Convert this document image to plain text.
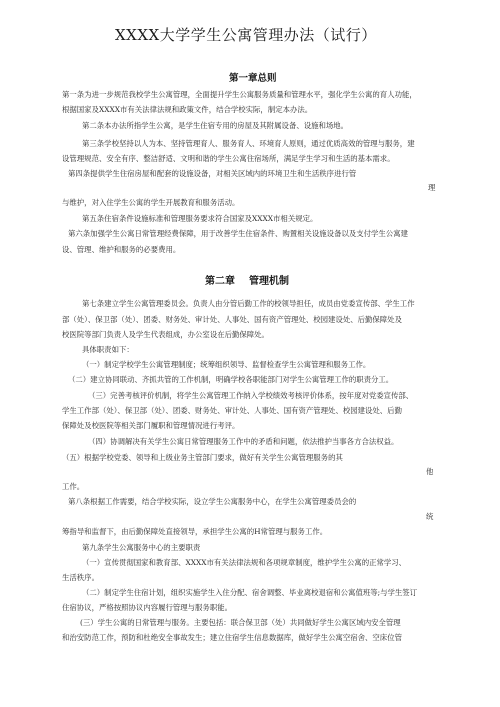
XXXX大学学生公寓管理办法（试行）
第一章总则
第一条为进一步规范我校学生公寓管理，全面提升学生公寓服务质量和管理水平，强化学生公寓的育人功能，
根据国家及XXXX市有关法律法规和政策文件，结合学校实际，制定本办法。
第二条本办法所指学生公寓，是学生住宿专用的房屋及其附属设备、设施和场地。
第三条学校坚持以人为本、坚持管理育人、服务育人、环境育人原则，通过优质高效的管理与服务，建
设管理规范、安全有序、整洁舒适、文明和谐的学生公寓住宿场所，满足学生学习和生活的基本需求。
第四条提供学生住宿房屋和配套的设施设备，对相关区域内的环境卫生和生活秩序进行管
理
与维护，对入住学生公寓的学生开展教育和服务活动。
第五条住宿条件设施标准和管理服务要求符合国家及XXXX市相关规定。
第六条加强学生公寓日常管理经费保障，用于改善学生住宿条件、购置相关设施设备以及支付学生公寓建
设、管理、维护和服务的必要费用。
第二章 管理机制
第七条建立学生公寓管理委员会。负责人由分管后勤工作的校领导担任，成员由党委宣传部、学生工作
部（处）、保卫部（处）、团委、财务处、审计处、人事处、国有资产管理处、校园建设处、后勤保障处及
校医院等部门负责人及学生代表组成，办公室设在后勤保障处。
具体职责如下：
（一）制定学校学生公寓管理制度；统筹组织领导、监督检查学生公寓管理和服务工作。
（二）建立协同联动、齐抓共管的工作机制，明确学校各职能部门对学生公寓管理工作的职责分工。
（三）完善考核评价机制，将学生公寓管理工作纳入学校绩效考核评价体系，按年度对党委宣传部、
学生工作部（处）、保卫部（处）、团委、财务处、审计处、人事处、国有资产管理处、校园建设处、后勤
保障处及校医院等相关部门履职和管理情况进行考评。
（四）协调解决有关学生公寓日常管理服务工作中的矛盾和问题，依法推护当事各方合法权益。
（五）根据学校党委、领导和上级业务主管部门要求，做好有关学生公寓管理服务的其
他
工作。
第八条根据工作需要，结合学校实际，设立学生公寓服务中心，在学生公寓管理委员会的
统
筹指导和监督下，由后勤保障处直接领导，承担学生公寓的H常管理与服务工作。
第九条学生公寓服务中心的主要职责
（一）宣传贯彻国家和教育部、XXXX市有关法律法规和各项规章制度，维护学生公寓的正常学习、
生活秩序。
（二）制定学生住宿计划，组织实施学生入住分配、宿舍调整、毕业离校退宿和公寓值班等;与学生签订
住宿协议，严格按照协议内容履行管理与服务职能。
(三）学生公寓的日常管理与服务。主要包括：联合保卫部（处）共同做好学生公寓区域内安全管理
和治安防范工作，预防和杜绝安全事故发生；建立住宿学生信息数据库，做好学生公寓空宿舍、空床位管
